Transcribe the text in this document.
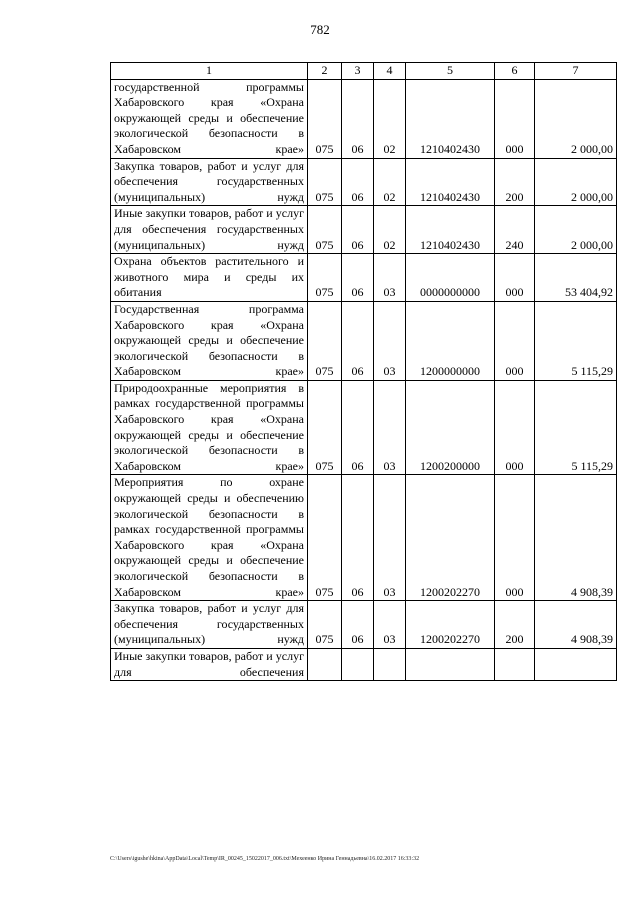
782
1	2	3	4	5	6	7

государственной программы Хабаровского края «Охрана окружающей среды и обеспечение экологической безопасности в Хабаровском крае»	075	06	02	1210402430	000	2 000,00

Закупка товаров, работ и услуг для обеспечения государственных (муниципальных) нужд	075	06	02	1210402430	200	2 000,00

Иные закупки товаров, работ и услуг для обеспечения государственных (муниципальных) нужд	075	06	02	1210402430	240	2 000,00

Охрана объектов растительного и животного мира и среды их обитания	075	06	03	0000000000	000	53 404,92

Государственная программа Хабаровского края «Охрана окружающей среды и обеспечение экологической безопасности в Хабаровском крае»	075	06	03	1200000000	000	5 115,29

Природоохранные мероприятия в рамках государственной программы Хабаровского края «Охрана окружающей среды и обеспечение экологической безопасности в Хабаровском крае»	075	06	03	1200200000	000	5 115,29

Мероприятия по охране окружающей среды и обеспечению экологической безопасности в рамках государственной программы Хабаровского края «Охрана окружающей среды и обеспечение экологической безопасности в Хабаровском крае»	075	06	03	1200202270	000	4 908,39

Закупка товаров, работ и услуг для обеспечения государственных (муниципальных) нужд	075	06	03	1200202270	200	4 908,39

Иные закупки товаров, работ и услуг для обеспечения						

C:\Users\igushe\hkina\AppData\Local\Temp\IR_00245_15022017_006.txt\Мехеенко Ирина Геннадьевна\16.02.2017 16:33:32
